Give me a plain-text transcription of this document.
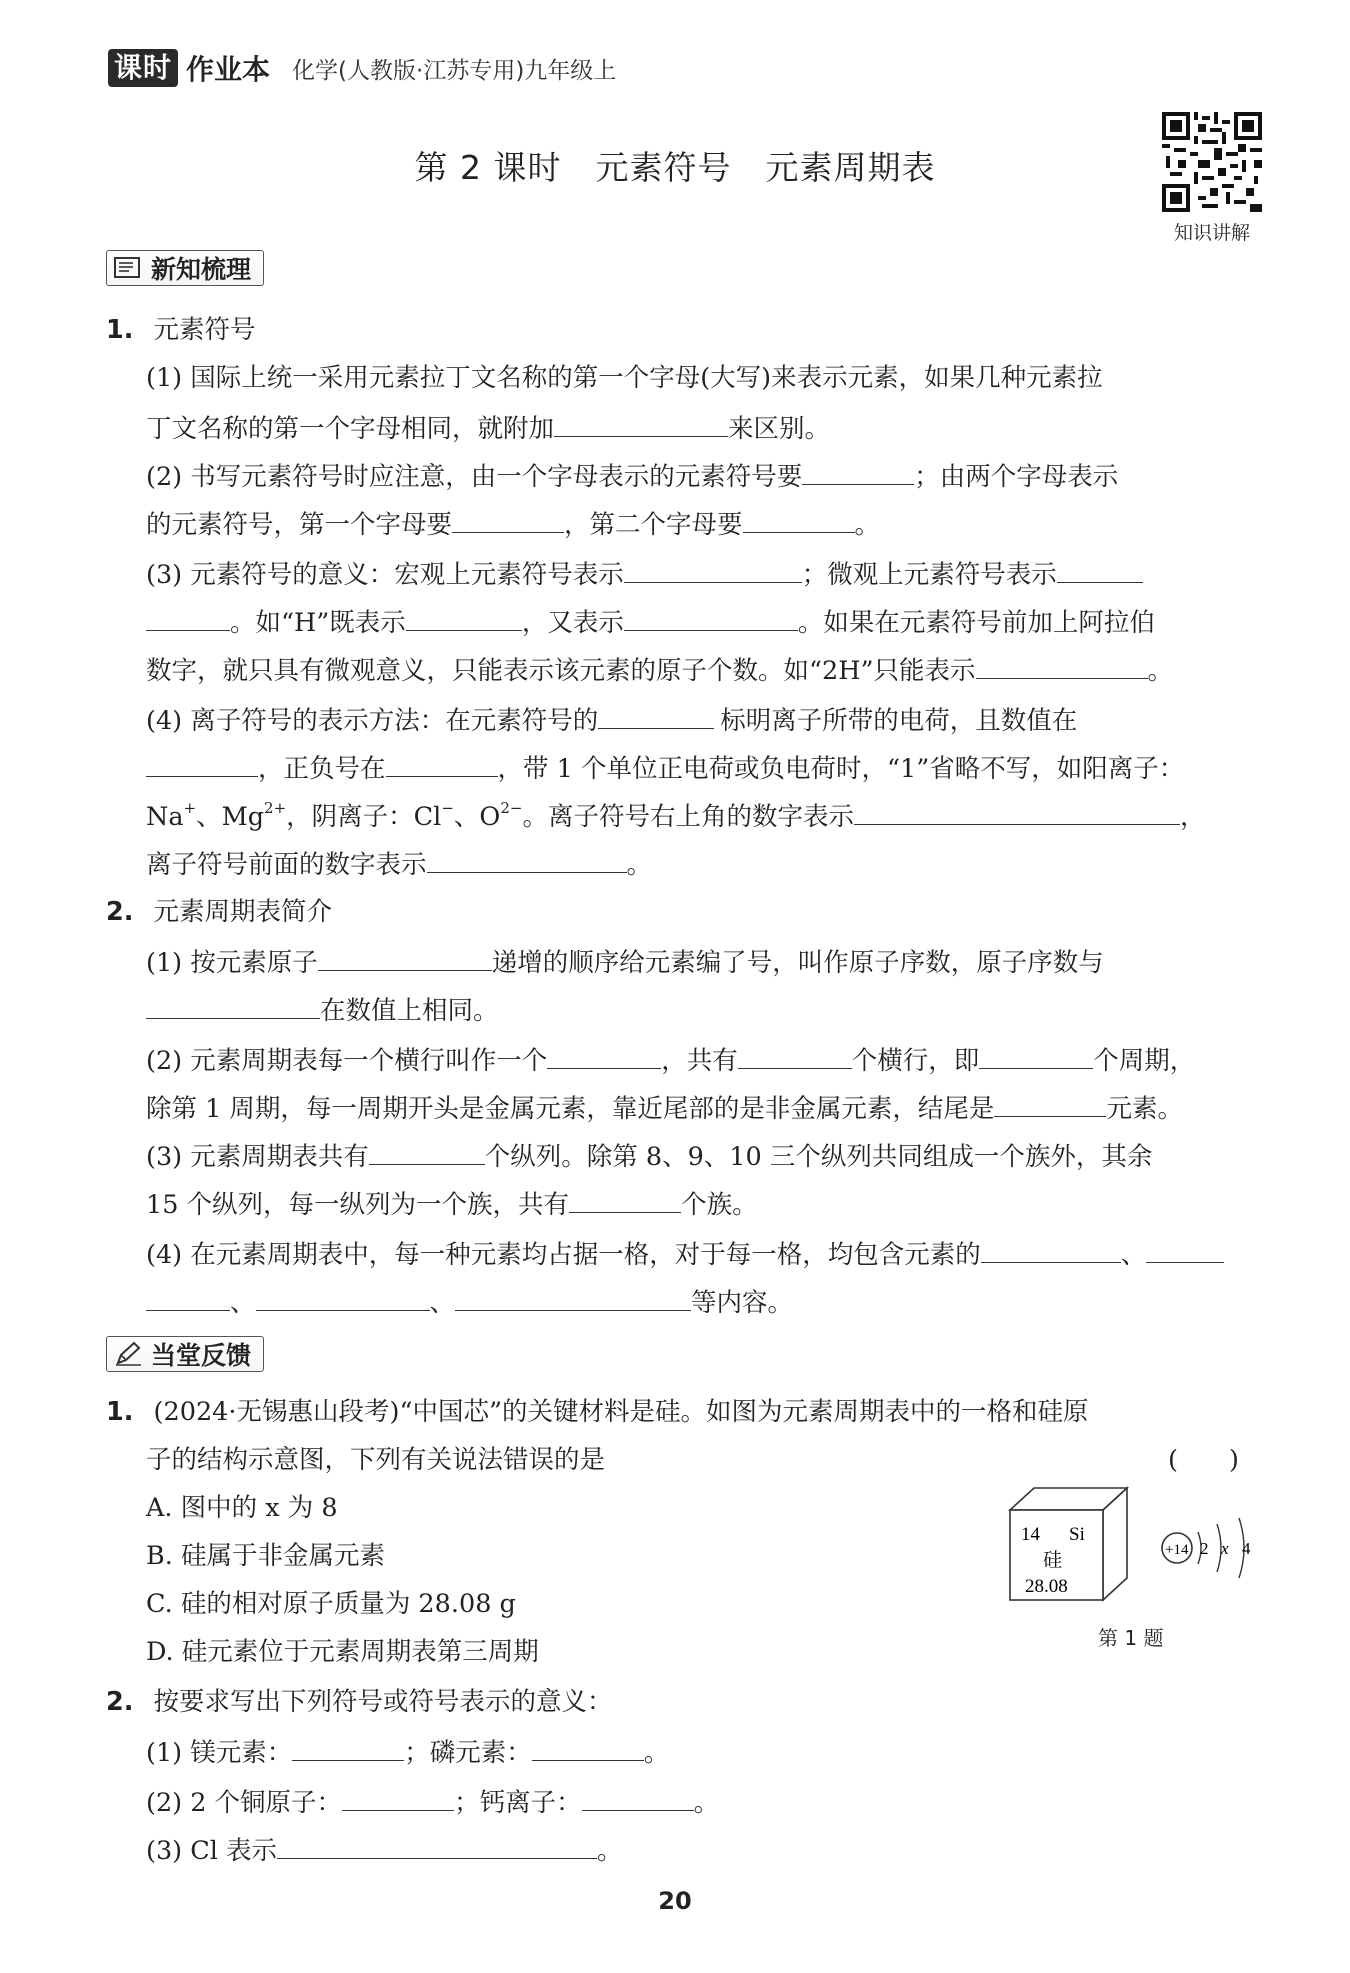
课时 作业本 化学(人教版·江苏专用)九年级上
第 2 课时　元素符号　元素周期表
知识讲解
新知梳理
1. 元素符号
(1) 国际上统一采用元素拉丁文名称的第一个字母(大写)来表示元素，如果几种元素拉
丁文名称的第一个字母相同，就附加	来区别。
(2) 书写元素符号时应注意，由一个字母表示的元素符号要	；由两个字母表示
的元素符号，第一个字母要	，第二个字母要	。
(3) 元素符号的意义：宏观上元素符号表示	；微观上元素符号表示
。如“H”既表示	，又表示	。如果在元素符号前加上阿拉伯
数字，就只具有微观意义，只能表示该元素的原子个数。如“2H”只能表示	。
(4) 离子符号的表示方法：在元素符号的	标明离子所带的电荷，且数值在
，正负号在	，带 1 个单位正电荷或负电荷时，“1”省略不写，如阳离子：
Na+、$Mg^{2+}$，阴离子：Cl−、$O^{2-}$。离子符号右上角的数字表示	，
离子符号前面的数字表示	。
2. 元素周期表简介
(1) 按元素原子	递增的顺序给元素编了号，叫作原子序数，原子序数与
在数值上相同。
(2) 元素周期表每一个横行叫作一个	，共有	个横行，即	个周期，
除第 1 周期，每一周期开头是金属元素，靠近尾部的是非金属元素，结尾是	元素。
(3) 元素周期表共有	个纵列。除第 8、9、10 三个纵列共同组成一个族外，其余
15 个纵列，每一纵列为一个族，共有	个族。
(4) 在元素周期表中，每一种元素均占据一格，对于每一格，均包含元素的	、
、	、	等内容。
当堂反馈
1. (2024·无锡惠山段考)“中国芯”的关键材料是硅。如图为元素周期表中的一格和硅原
子的结构示意图，下列有关说法错误的是	(　　)
A. 图中的 x 为 8
B. 硅属于非金属元素
C. 硅的相对原子质量为 28.08 g
D. 硅元素位于元素周期表第三周期
14 Si
硅
28.08
+14 2 x 4
第 1 题
2. 按要求写出下列符号或符号表示的意义：
(1) 镁元素：	；磷元素：	。
(2) 2 个铜原子：	；钙离子：	。
(3) Cl 表示	。
20
